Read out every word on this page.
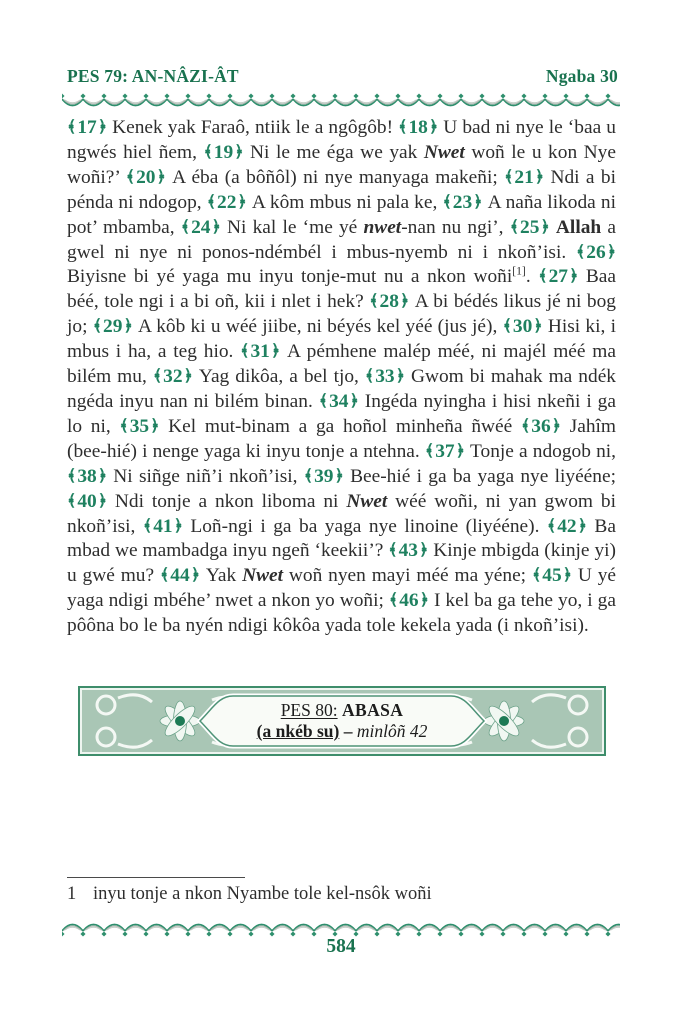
PES 79: AN-NÂZI-ÂT	Ngaba 30
﴾17﴿ Kenek yak Faraô, ntiik le a ngôgôb! ﴾18﴿ U bad ni nye le ‘baa u ngwés hiel ñem, ﴾19﴿ Ni le me éga we yak Nwet woñ le u kon Nye woñi?’ ﴾20﴿ A éba (a bôñôl) ni nye manyaga makeñi; ﴾21﴿ Ndi a bi pénda ni ndogop, ﴾22﴿ A kôm mbus ni pala ke, ﴾23﴿ A naña likoda ni pot’ mbamba, ﴾24﴿ Ni kal le ‘me yé nwet-nan nu ngi’, ﴾25﴿ Allah a gwel ni nye ni ponos-ndémbél i mbus-nyemb ni i nkoñ’isi. ﴾26﴿ Biyisne bi yé yaga mu inyu tonje-mut nu a nkon woñi[1]. ﴾27﴿ Baa béé, tole ngi i a bi oñ, kii i nlet i hek? ﴾28﴿ A bi bédés likus jé ni bog jo; ﴾29﴿ A kôb ki u wéé jiibe, ni béyés kel yéé (jus jé), ﴾30﴿ Hisi ki, i mbus i ha, a teg hio. ﴾31﴿ A pémhene malép méé, ni majél méé ma bilém mu, ﴾32﴿ Yag dikôa, a bel tjo, ﴾33﴿ Gwom bi mahak ma ndék ngéda inyu nan ni bilém binan. ﴾34﴿ Ingéda nyingha i hisi nkeñi i ga lo ni, ﴾35﴿ Kel mut-binam a ga hoñol minheña ñwéé ﴾36﴿ Jahîm (bee-hié) i nenge yaga ki inyu tonje a ntehna. ﴾37﴿ Tonje a ndogob ni, ﴾38﴿ Ni siñge niñ’i nkoñ’isi, ﴾39﴿ Bee-hié i ga ba yaga nye liyééne; ﴾40﴿ Ndi tonje a nkon liboma ni Nwet wéé woñi, ni yan gwom bi nkoñ’isi, ﴾41﴿ Loñ-ngi i ga ba yaga nye linoine (liyééne). ﴾42﴿ Ba mbad we mambadga inyu ngeñ ‘keekii’? ﴾43﴿ Kinje mbigda (kinje yi) u gwé mu? ﴾44﴿ Yak Nwet woñ nyen mayi méé ma yéne; ﴾45﴿ U yé yaga ndigi mbéhe’ nwet a nkon yo woñi; ﴾46﴿ I kel ba ga tehe yo, i ga pôôna bo le ba nyén ndigi kôkôa yada tole kekela yada (i nkoñ’isi).
PES 80: ABASA
(a nkéb su) – minlôñ 42
1 inyu tonje a nkon Nyambe tole kel-nsôk woñi
584
